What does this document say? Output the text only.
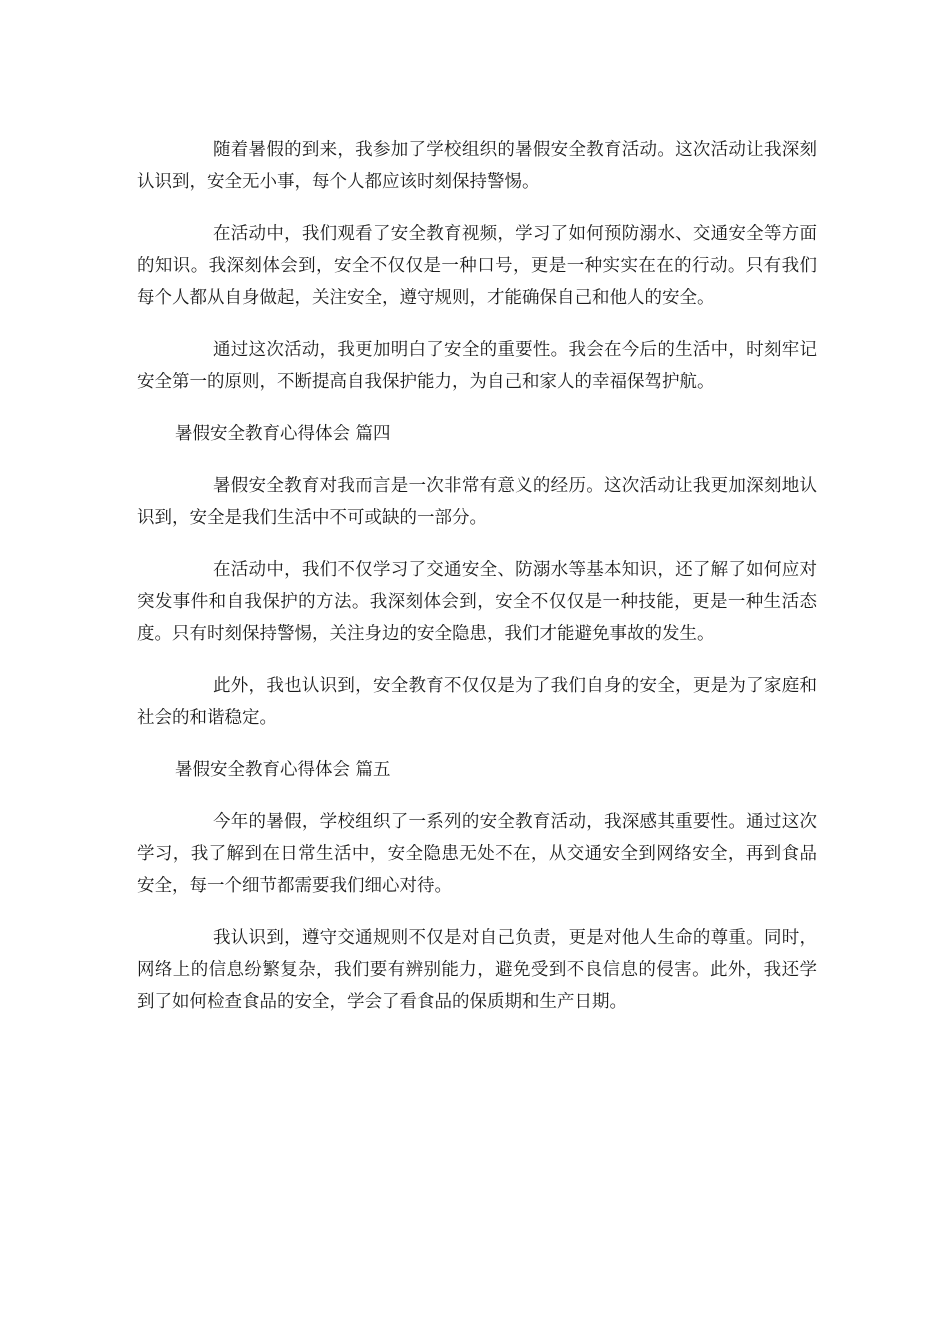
随着暑假的到来，我参加了学校组织的暑假安全教育活动。这次活动让我深刻认识到，安全无小事，每个人都应该时刻保持警惕。

在活动中，我们观看了安全教育视频，学习了如何预防溺水、交通安全等方面的知识。我深刻体会到，安全不仅仅是一种口号，更是一种实实在在的行动。只有我们每个人都从自身做起，关注安全，遵守规则，才能确保自己和他人的安全。

通过这次活动，我更加明白了安全的重要性。我会在今后的生活中，时刻牢记安全第一的原则，不断提高自我保护能力，为自己和家人的幸福保驾护航。

暑假安全教育心得体会 篇四

暑假安全教育对我而言是一次非常有意义的经历。这次活动让我更加深刻地认识到，安全是我们生活中不可或缺的一部分。

在活动中，我们不仅学习了交通安全、防溺水等基本知识，还了解了如何应对突发事件和自我保护的方法。我深刻体会到，安全不仅仅是一种技能，更是一种生活态度。只有时刻保持警惕，关注身边的安全隐患，我们才能避免事故的发生。

此外，我也认识到，安全教育不仅仅是为了我们自身的安全，更是为了家庭和社会的和谐稳定。

暑假安全教育心得体会 篇五

今年的暑假，学校组织了一系列的安全教育活动，我深感其重要性。通过这次学习，我了解到在日常生活中，安全隐患无处不在，从交通安全到网络安全，再到食品安全，每一个细节都需要我们细心对待。

我认识到，遵守交通规则不仅是对自己负责，更是对他人生命的尊重。同时，网络上的信息纷繁复杂，我们要有辨别能力，避免受到不良信息的侵害。此外，我还学到了如何检查食品的安全，学会了看食品的保质期和生产日期。
